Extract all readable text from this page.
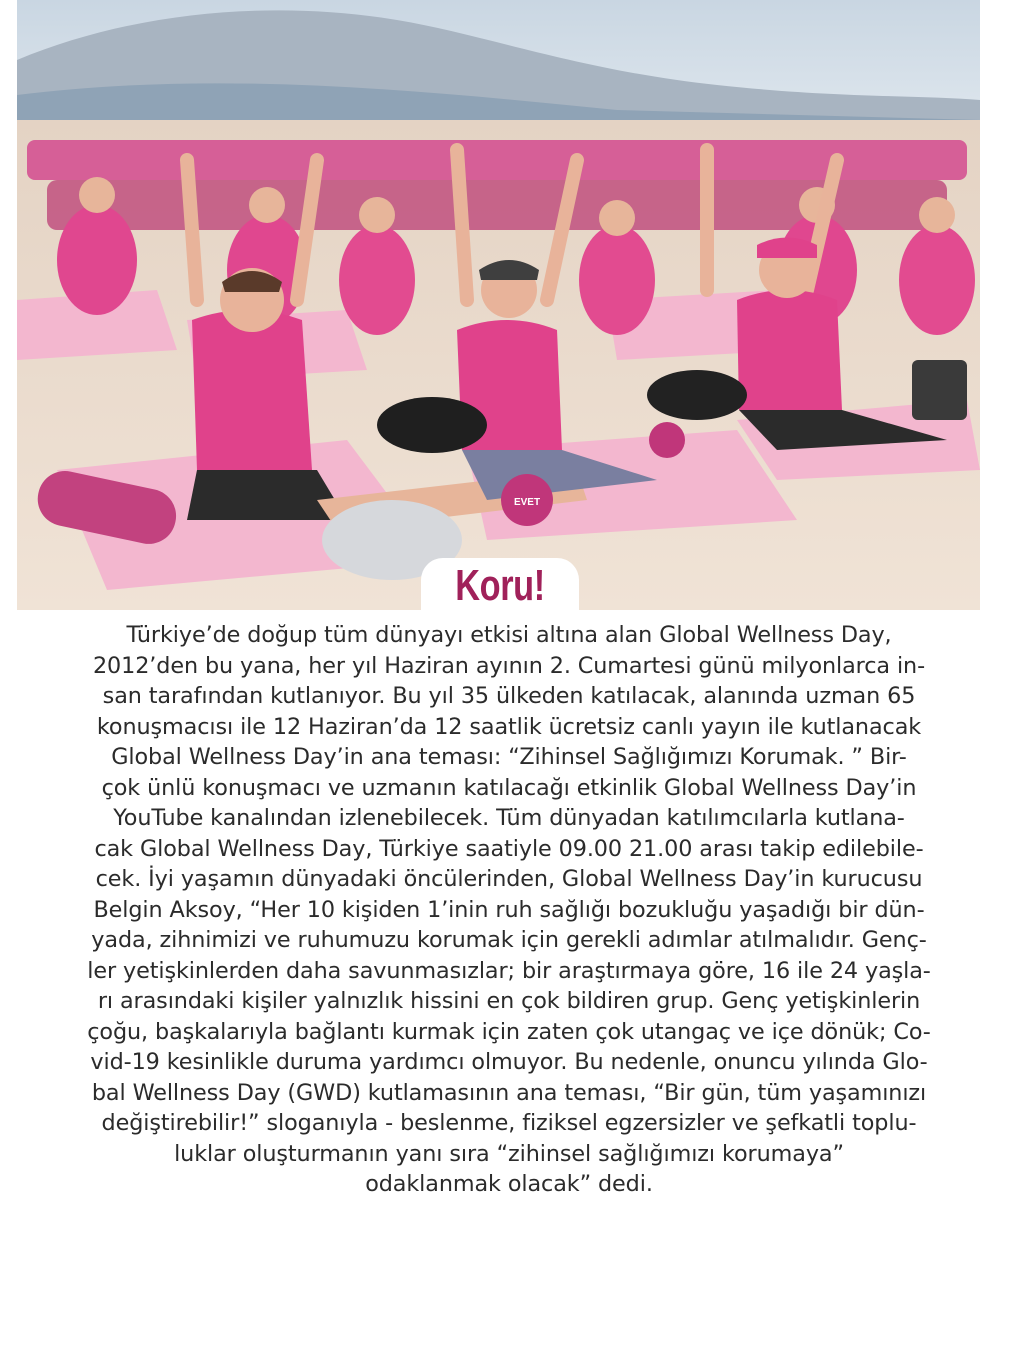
EVET
Koru!
Türkiye’de doğup tüm dünyayı etkisi altına alan Global Wellness Day,
2012’den bu yana, her yıl Haziran ayının 2. Cumartesi günü milyonlarca in-
san tarafından kutlanıyor. Bu yıl 35 ülkeden katılacak, alanında uzman 65
konuşmacısı ile 12 Haziran’da 12 saatlik ücretsiz canlı yayın ile kutlanacak
Global Wellness Day’in ana teması: “Zihinsel Sağlığımızı Korumak. ” Bir-
çok ünlü konuşmacı ve uzmanın katılacağı etkinlik Global Wellness Day’in
YouTube kanalından izlenebilecek. Tüm dünyadan katılımcılarla kutlana-
cak Global Wellness Day, Türkiye saatiyle 09.00 21.00 arası takip edilebile-
cek. İyi yaşamın dünyadaki öncülerinden, Global Wellness Day’in kurucusu
Belgin Aksoy, “Her 10 kişiden 1’inin ruh sağlığı bozukluğu yaşadığı bir dün-
yada, zihnimizi ve ruhumuzu korumak için gerekli adımlar atılmalıdır. Genç-
ler yetişkinlerden daha savunmasızlar; bir araştırmaya göre, 16 ile 24 yaşla-
rı arasındaki kişiler yalnızlık hissini en çok bildiren grup. Genç yetişkinlerin
çoğu, başkalarıyla bağlantı kurmak için zaten çok utangaç ve içe dönük; Co-
vid-19 kesinlikle duruma yardımcı olmuyor. Bu nedenle, onuncu yılında Glo-
bal Wellness Day (GWD) kutlamasının ana teması, “Bir gün, tüm yaşamınızı
değiştirebilir!” sloganıyla - beslenme, fiziksel egzersizler ve şefkatli toplu-
luklar oluşturmanın yanı sıra “zihinsel sağlığımızı korumaya”
odaklanmak olacak” dedi.
